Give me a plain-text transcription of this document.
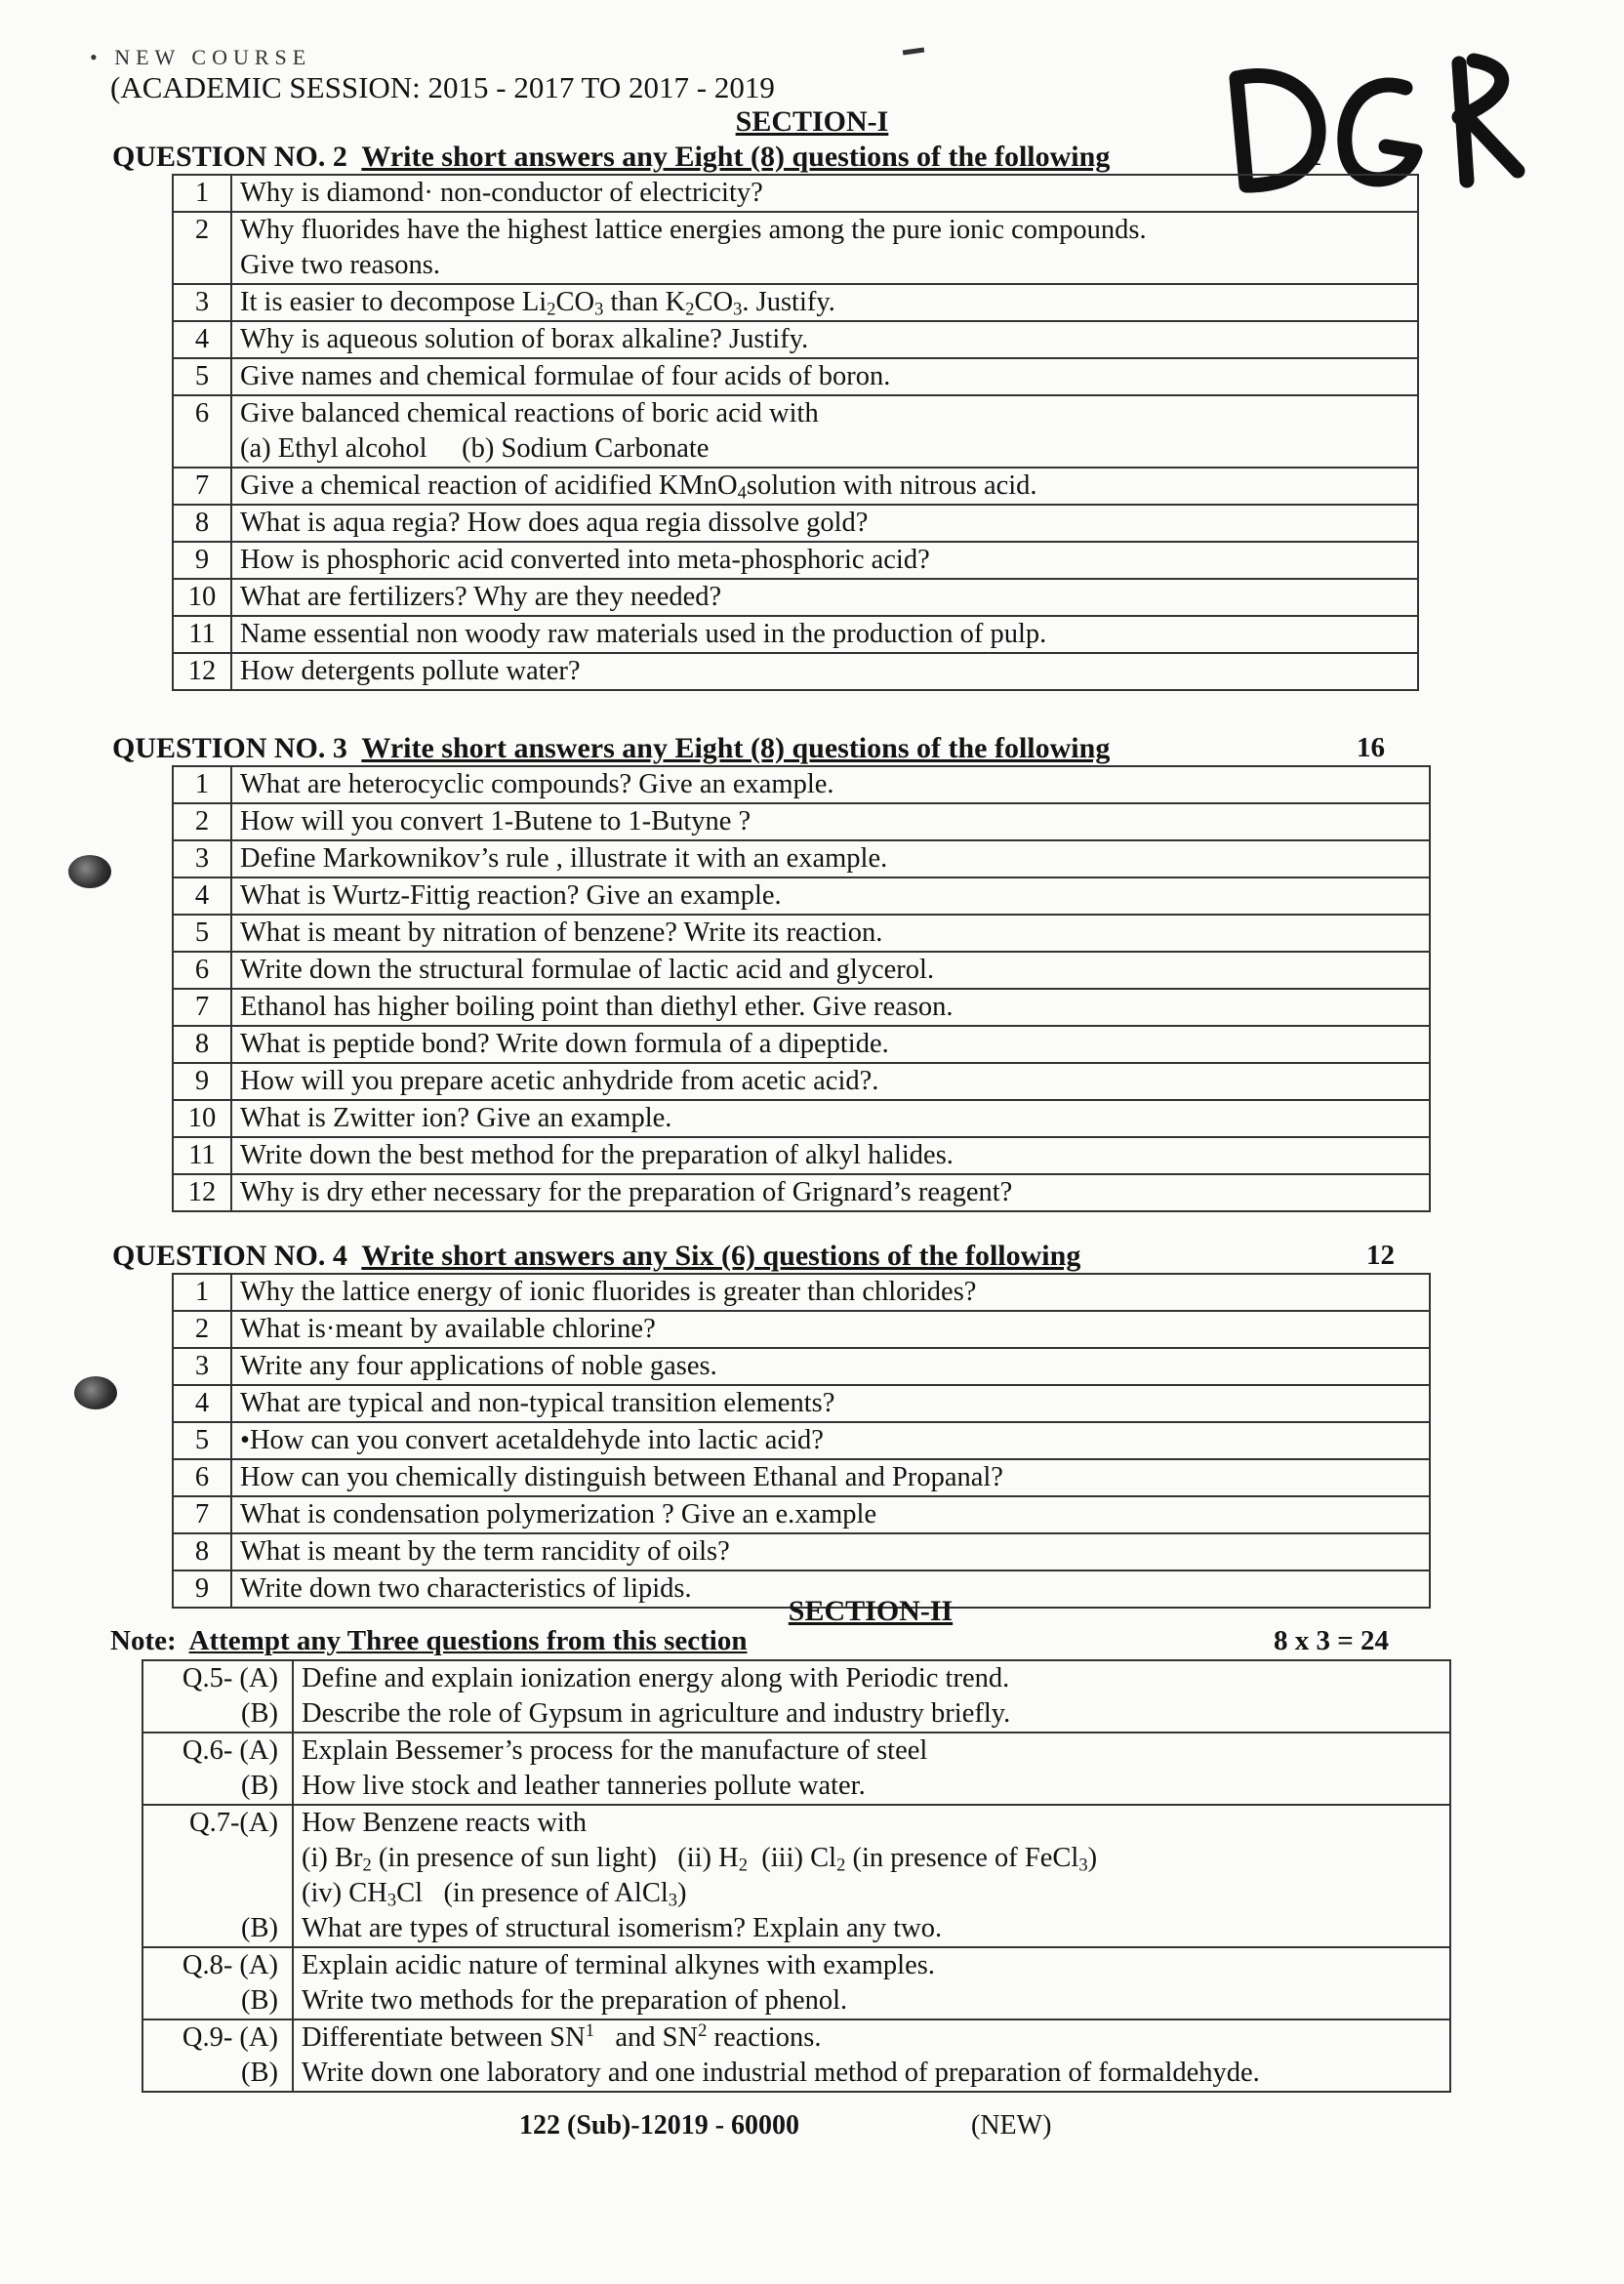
• NEW COURSE
(ACADEMIC SESSION: 2015 - 2017 TO 2017 - 2019
SECTION-I
QUESTION NO. 2 Write short answers any Eight (8) questions of the following	1
1	Why is diamond· non-conductor of electricity?
2	Why fluorides have the highest lattice energies among the pure ionic compounds.
Give two reasons.

3	It is easier to decompose $Li_2CO_3$ than $K_2CO_3$. Justify.
4	Why is aqueous solution of borax alkaline? Justify.
5	Give names and chemical formulae of four acids of boron.
6	Give balanced chemical reactions of boric acid with
(a) Ethyl alcohol     (b) Sodium Carbonate

7	Give a chemical reaction of acidified KMnO$_4$solution with nitrous acid.
8	What is aqua regia? How does aqua regia dissolve gold?
9	How is phosphoric acid converted into meta-phosphoric acid?
10	What are fertilizers? Why are they needed?
11	Name essential non woody raw materials used in the production of pulp.
12	How detergents pollute water?
QUESTION NO. 3 Write short answers any Eight (8) questions of the following	16
1	What are heterocyclic compounds? Give an example.
2	How will you convert 1-Butene to 1-Butyne ?
3	Define Markownikov’s rule , illustrate it with an example.
4	What is Wurtz-Fittig reaction? Give an example.
5	What is meant by nitration of benzene? Write its reaction.
6	Write down the structural formulae of lactic acid and glycerol.
7	Ethanol has higher boiling point than diethyl ether. Give reason.
8	What is peptide bond? Write down formula of a dipeptide.
9	How will you prepare acetic anhydride from acetic acid?.
10	What is Zwitter ion? Give an example.
11	Write down the best method for the preparation of alkyl halides.
12	Why is dry ether necessary for the preparation of Grignard’s reagent?
QUESTION NO. 4 Write short answers any Six (6) questions of the following	12
1	Why the lattice energy of ionic fluorides is greater than chlorides?
2	What is·meant by available chlorine?
3	Write any four applications of noble gases.
4	What are typical and non-typical transition elements?
5	•How can you convert acetaldehyde into lactic acid?
6	How can you chemically distinguish between Ethanal and Propanal?
7	What is condensation polymerization ? Give an e.xample
8	What is meant by the term rancidity of oils?
9	Write down two characteristics of lipids.
SECTION-II
Note: Attempt any Three questions from this section	8 x 3 = 24
Q.5- (A)	Define and explain ionization energy along with Periodic trend.
(B)	Describe the role of Gypsum in agriculture and industry briefly.
Q.6- (A)	Explain Bessemer’s process for the manufacture of steel
(B)	How live stock and leather tanneries pollute water.

Q.7-(A)	How Benzene reacts with
(i) $Br_2$ (in presence of sun light)   (ii) $H_2$  (iii) $Cl_2$ (in presence of FeCl$_3$)
(iv) $CH_3Cl$   (in presence of AlCl$_3$)

(B)	What are types of structural isomerism? Explain any two.
Q.8- (A)	Explain acidic nature of terminal alkynes with examples.
(B)	Write two methods for the preparation of phenol.
Q.9- (A)	Differentiate between $SN^1$   and $SN^2$ reactions.
(B)	Write down one laboratory and one industrial method of preparation of formaldehyde.
122 (Sub)-12019 - 60000	(NEW)
